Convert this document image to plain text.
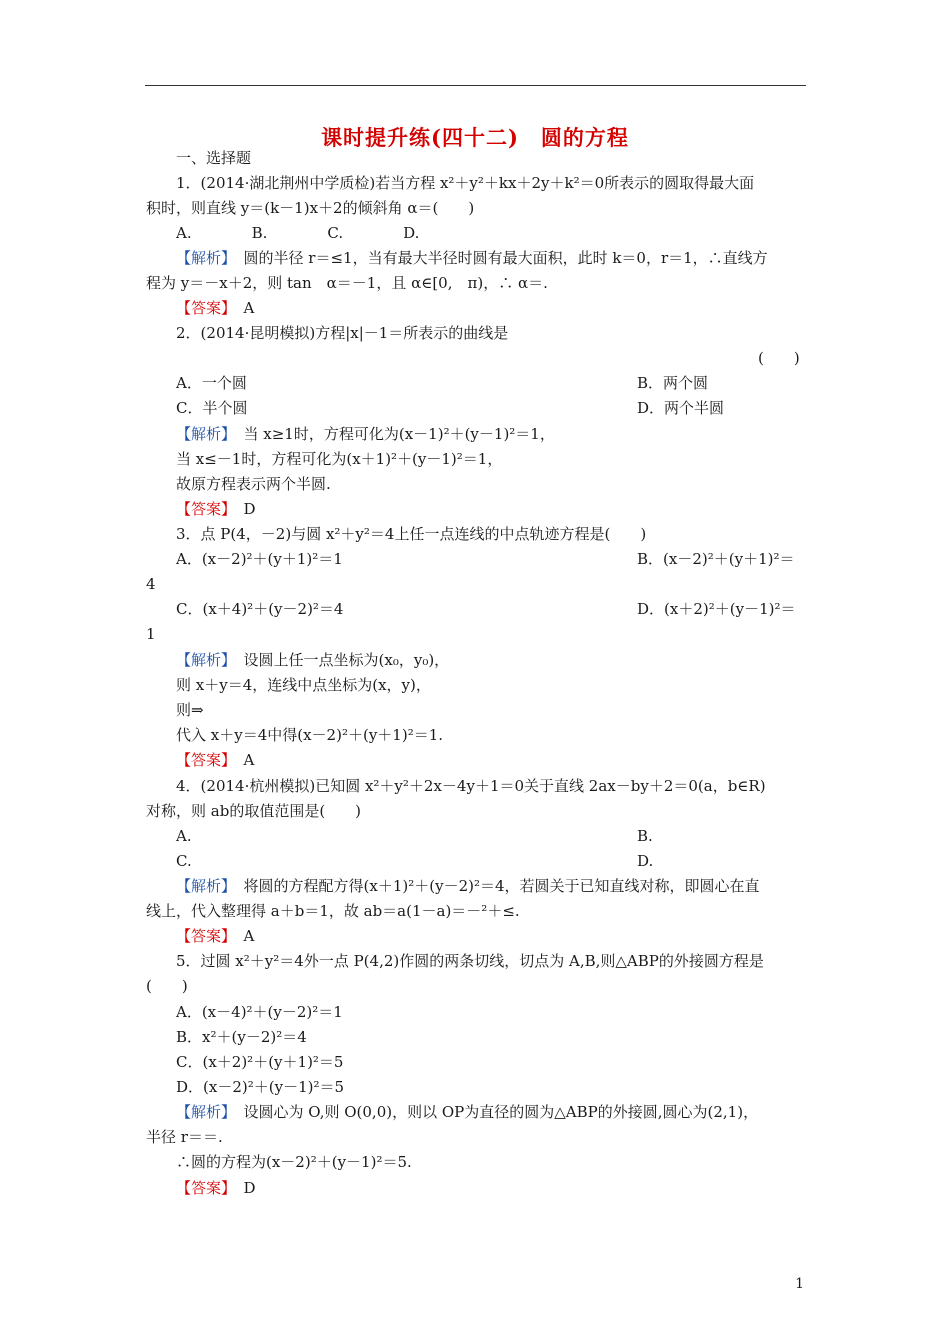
课时提升练(四十二)　圆的方程
一、选择题
1．(2014·湖北荆州中学质检)若当方程 x²＋y²＋kx＋2y＋k²＝0所表示的圆取得最大面
积时，则直线 y＝(k－1)x＋2的倾斜角 α＝(　　)
A.　　　　B.　　　　C.　　　　D.
【解析】　圆的半径 r＝≤1，当有最大半径时圆有最大面积，此时 k＝0，r＝1，∴直线方
程为 y＝－x＋2，则 tan　α＝－1，且 α∈[0,　π)，∴ α＝.
【答案】　A
2．(2014·昆明模拟)方程|x|－1＝所表示的曲线是
(　　)
A．一个圆	B．两个圆
C．半个圆	D．两个半圆
【解析】　当 x≥1时，方程可化为(x－1)²＋(y－1)²＝1，
当 x≤－1时，方程可化为(x＋1)²＋(y－1)²＝1，
故原方程表示两个半圆.
【答案】　D
3．点 P(4，－2)与圆 x²＋y²＝4上任一点连线的中点轨迹方程是(　　)
A．(x－2)²＋(y＋1)²＝1	B．(x－2)²＋(y＋1)²＝
4
C．(x＋4)²＋(y－2)²＝4	D．(x＋2)²＋(y－1)²＝
1
【解析】　设圆上任一点坐标为(x₀，y₀)，
则 x＋y＝4，连线中点坐标为(x，y)，
则⇒
代入 x＋y＝4中得(x－2)²＋(y＋1)²＝1.
【答案】　A
4．(2014·杭州模拟)已知圆 x²＋y²＋2x－4y＋1＝0关于直线 2ax－by＋2＝0(a，b∈R)
对称，则 ab的取值范围是(　　)
A.	B.
C.	D.
【解析】　将圆的方程配方得(x＋1)²＋(y－2)²＝4，若圆关于已知直线对称，即圆心在直
线上，代入整理得 a＋b＝1，故 ab＝a(1－a)＝－²＋≤.
【答案】　A
5．过圆 x²＋y²＝4外一点 P(4,2)作圆的两条切线，切点为 A,B,则△ABP的外接圆方程是
(　　)
A．(x－4)²＋(y－2)²＝1
B．x²＋(y－2)²＝4
C．(x＋2)²＋(y＋1)²＝5
D．(x－2)²＋(y－1)²＝5
【解析】　设圆心为 O,则 O(0,0)，则以 OP为直径的圆为△ABP的外接圆,圆心为(2,1)，
半径 r＝＝.
∴圆的方程为(x－2)²＋(y－1)²＝5.
【答案】　D
1
